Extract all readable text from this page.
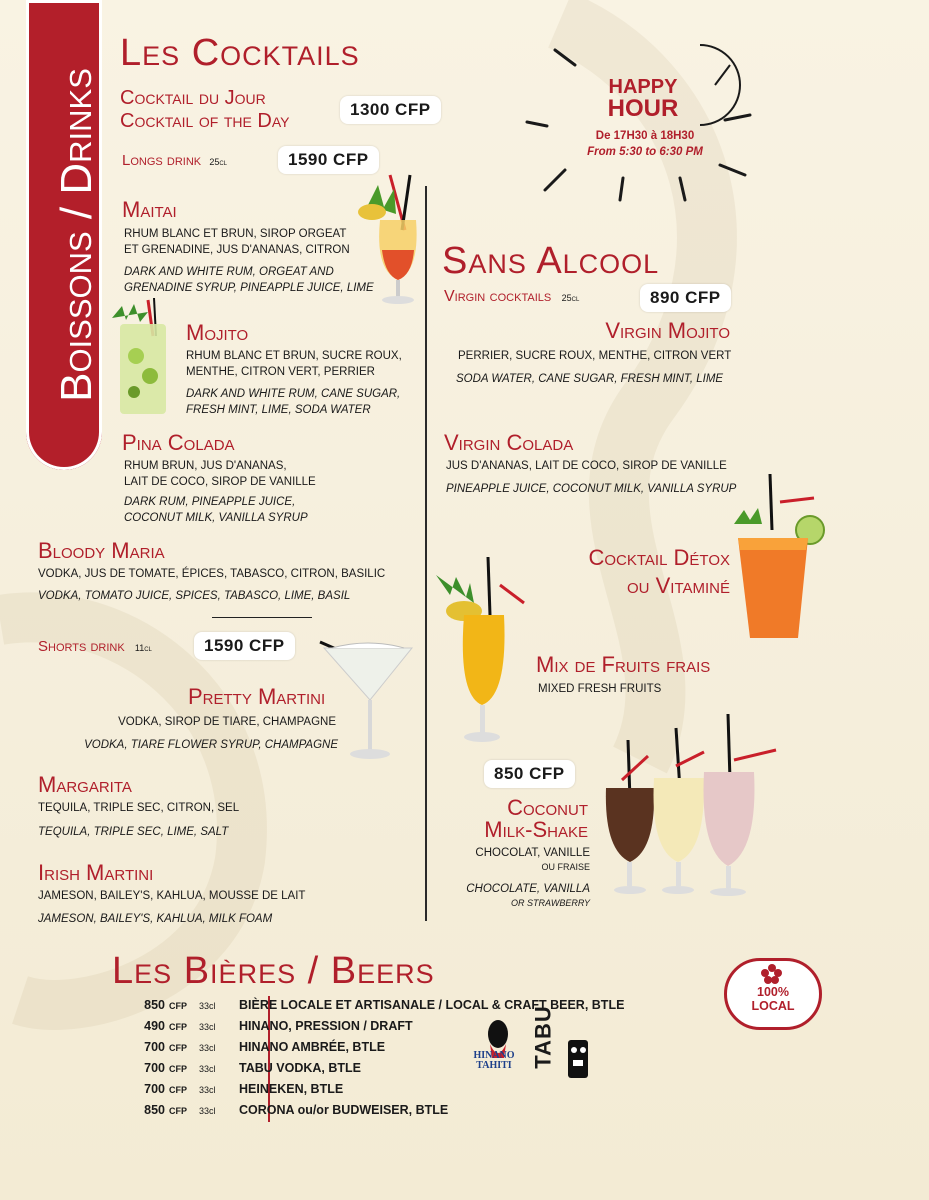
Boissons / Drinks
Les Cocktails
Cocktail du Jour
Cocktail of the Day
1300 CFP
Longs drink 25cl	1590 CFP
Maitai
RHUM BLANC ET BRUN, SIROP ORGEAT
ET GRENADINE, JUS D'ANANAS, CITRON
DARK AND WHITE RUM, ORGEAT AND
GRENADINE SYRUP, PINEAPPLE JUICE, LIME
Mojito
RHUM BLANC ET BRUN, SUCRE ROUX,
MENTHE, CITRON VERT, PERRIER
DARK AND WHITE RUM, CANE SUGAR,
FRESH MINT, LIME, SODA WATER
Pina Colada
RHUM BRUN, JUS D'ANANAS,
LAIT DE COCO, SIROP DE VANILLE
DARK RUM, PINEAPPLE JUICE,
COCONUT MILK, VANILLA SYRUP
Bloody Maria
VODKA, JUS DE TOMATE, ÉPICES, TABASCO, CITRON, BASILIC
VODKA, TOMATO JUICE, SPICES, TABASCO, LIME, BASIL
Shorts drink 11cl	1590 CFP
Pretty Martini
VODKA, SIROP DE TIARE, CHAMPAGNE
VODKA, TIARE FLOWER SYRUP, CHAMPAGNE
Margarita
TEQUILA, TRIPLE SEC, CITRON, SEL
TEQUILA, TRIPLE SEC, LIME, SALT
Irish Martini
JAMESON, BAILEY'S, KAHLUA, MOUSSE DE LAIT
JAMESON, BAILEY'S, KAHLUA, MILK FOAM
HAPPY
HOUR
De 17H30 à 18H30
From 5:30 to 6:30 PM
Sans Alcool
Virgin cocktails 25cl	890 CFP
Virgin Mojito
PERRIER, SUCRE ROUX, MENTHE, CITRON VERT
SODA WATER, CANE SUGAR, FRESH MINT, LIME
Virgin Colada
JUS D'ANANAS, LAIT DE COCO, SIROP DE VANILLE
PINEAPPLE JUICE, COCONUT MILK, VANILLA SYRUP
Cocktail Détox
ou Vitaminé
Mix de Fruits frais
MIXED FRESH FRUITS
850 CFP
Coconut
Milk-Shake
CHOCOLAT, VANILLE
OU FRAISE
CHOCOLATE, VANILLA
OR STRAWBERRY
Les Bières / Beers
850 CFP 33cl BIÈRE LOCALE ET ARTISANALE / LOCAL & CRAFT BEER, BTLE
490 CFP 33cl HINANO, PRESSION / DRAFT
700 CFP 33cl HINANO AMBRÉE, BTLE
700 CFP 33cl TABU VODKA, BTLE
700 CFP 33cl HEINEKEN, BTLE
850 CFP 33cl CORONA ou/or BUDWEISER, BTLE
HINANO TAHITI TABU
100%
LOCAL
